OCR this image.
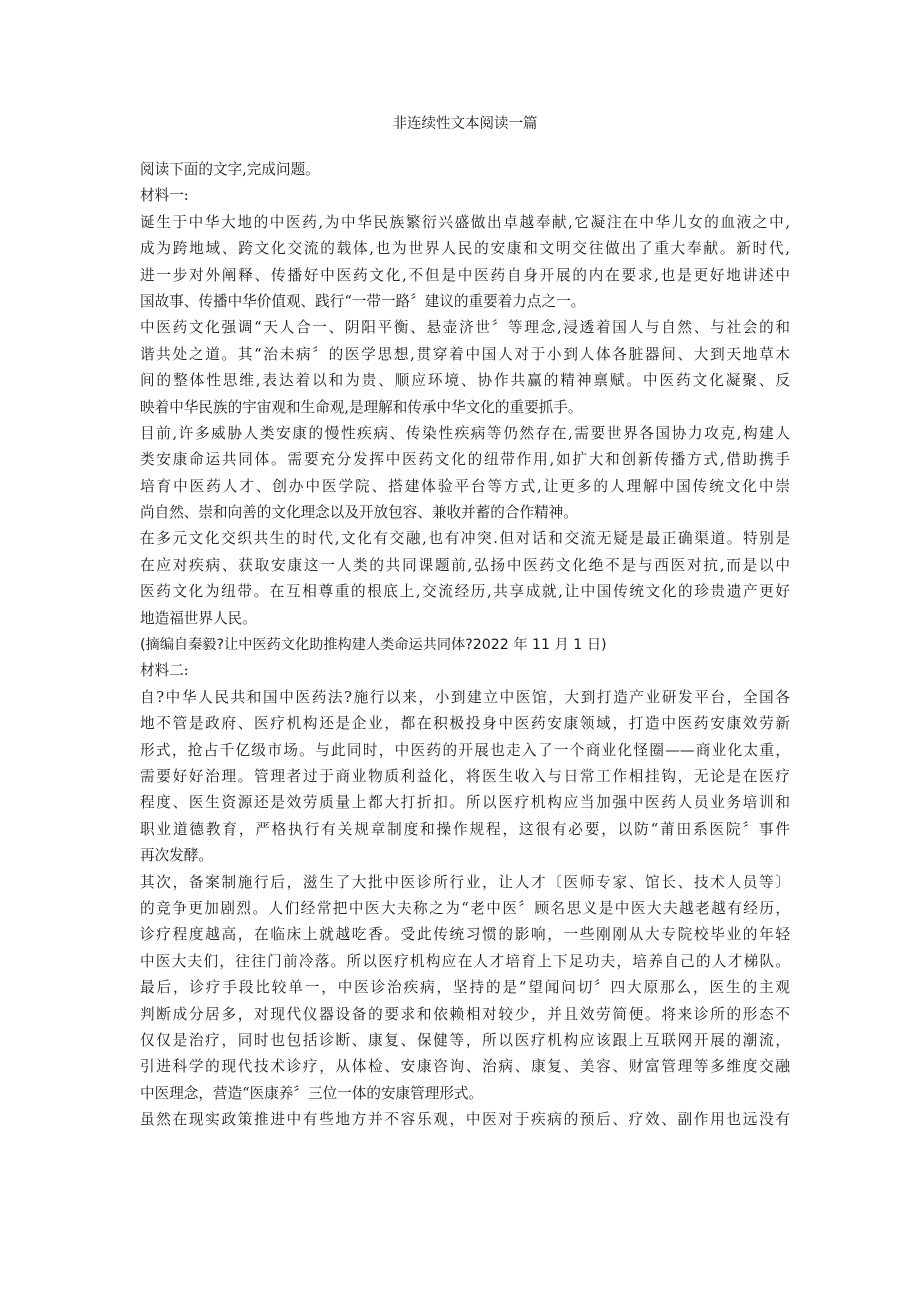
非连续性文本阅读一篇

阅读下面的文字,完成问题。

材料一:

诞生于中华大地的中医药,为中华民族繁衍兴盛做出卓越奉献,它凝注在中华儿女的血液之中,

成为跨地域、跨文化交流的载体,也为世界人民的安康和文明交往做出了重大奉献。新时代,

进一步对外阐释、传播好中医药文化,不但是中医药自身开展的内在要求,也是更好地讲述中

国故事、传播中华价值观、践行“一带一路〞建议的重要着力点之一。

中医药文化强调“天人合一、阴阳平衡、悬壶济世〞等理念,浸透着国人与自然、与社会的和

谐共处之道。其“治未病〞的医学思想,贯穿着中国人对于小到人体各脏器间、大到天地草木

间的整体性思维,表达着以和为贵、顺应环境、协作共赢的精神禀赋。中医药文化凝聚、反

映着中华民族的宇宙观和生命观,是理解和传承中华文化的重要抓手。

目前,许多威胁人类安康的慢性疾病、传染性疾病等仍然存在,需要世界各国协力攻克,构建人

类安康命运共同体。需要充分发挥中医药文化的纽带作用,如扩大和创新传播方式,借助携手

培育中医药人才、创办中医学院、搭建体验平台等方式,让更多的人理解中国传统文化中崇

尚自然、崇和向善的文化理念以及开放包容、兼收并蓄的合作精神。

在多元文化交织共生的时代,文化有交融,也有冲突.但对话和交流无疑是最正确渠道。特别是

在应对疾病、获取安康这一人类的共同课题前,弘扬中医药文化绝不是与西医对抗,而是以中

医药文化为纽带。在互相尊重的根底上,交流经历,共享成就,让中国传统文化的珍贵遗产更好

地造福世界人民。

(摘编自秦毅?让中医药文化助推构建人类命运共同体?2022 年 11 月 1 日)

材料二:

自?中华人民共和国中医药法?施行以来，小到建立中医馆，大到打造产业研发平台，全国各

地不管是政府、医疗机构还是企业，都在积极投身中医药安康领域，打造中医药安康效劳新

形式，抢占千亿级市场。与此同时，中医药的开展也走入了一个商业化怪圈——商业化太重，

需要好好治理。管理者过于商业物质利益化，将医生收入与日常工作相挂钩，无论是在医疗

程度、医生资源还是效劳质量上都大打折扣。所以医疗机构应当加强中医药人员业务培训和

职业道德教育，严格执行有关规章制度和操作规程，这很有必要，以防“莆田系医院〞事件

再次发酵。

其次，备案制施行后，滋生了大批中医诊所行业，让人才〔医师专家、馆长、技术人员等〕

的竞争更加剧烈。人们经常把中医大夫称之为“老中医〞顾名思义是中医大夫越老越有经历，

诊疗程度越高，在临床上就越吃香。受此传统习惯的影响，一些刚刚从大专院校毕业的年轻

中医大夫们，往往门前冷落。所以医疗机构应在人才培育上下足功夫，培养自己的人才梯队。

最后，诊疗手段比较单一，中医诊治疾病，坚持的是“望闻问切〞四大原那么，医生的主观

判断成分居多，对现代仪器设备的要求和依赖相对较少，并且效劳简便。将来诊所的形态不

仅仅是治疗，同时也包括诊断、康复、保健等，所以医疗机构应该跟上互联网开展的潮流，

引进科学的现代技术诊疗，从体检、安康咨询、治病、康复、美容、财富管理等多维度交融

中医理念，营造“医康养〞三位一体的安康管理形式。

虽然在现实政策推进中有些地方并不容乐观，中医对于疾病的预后、疗效、副作用也远没有
